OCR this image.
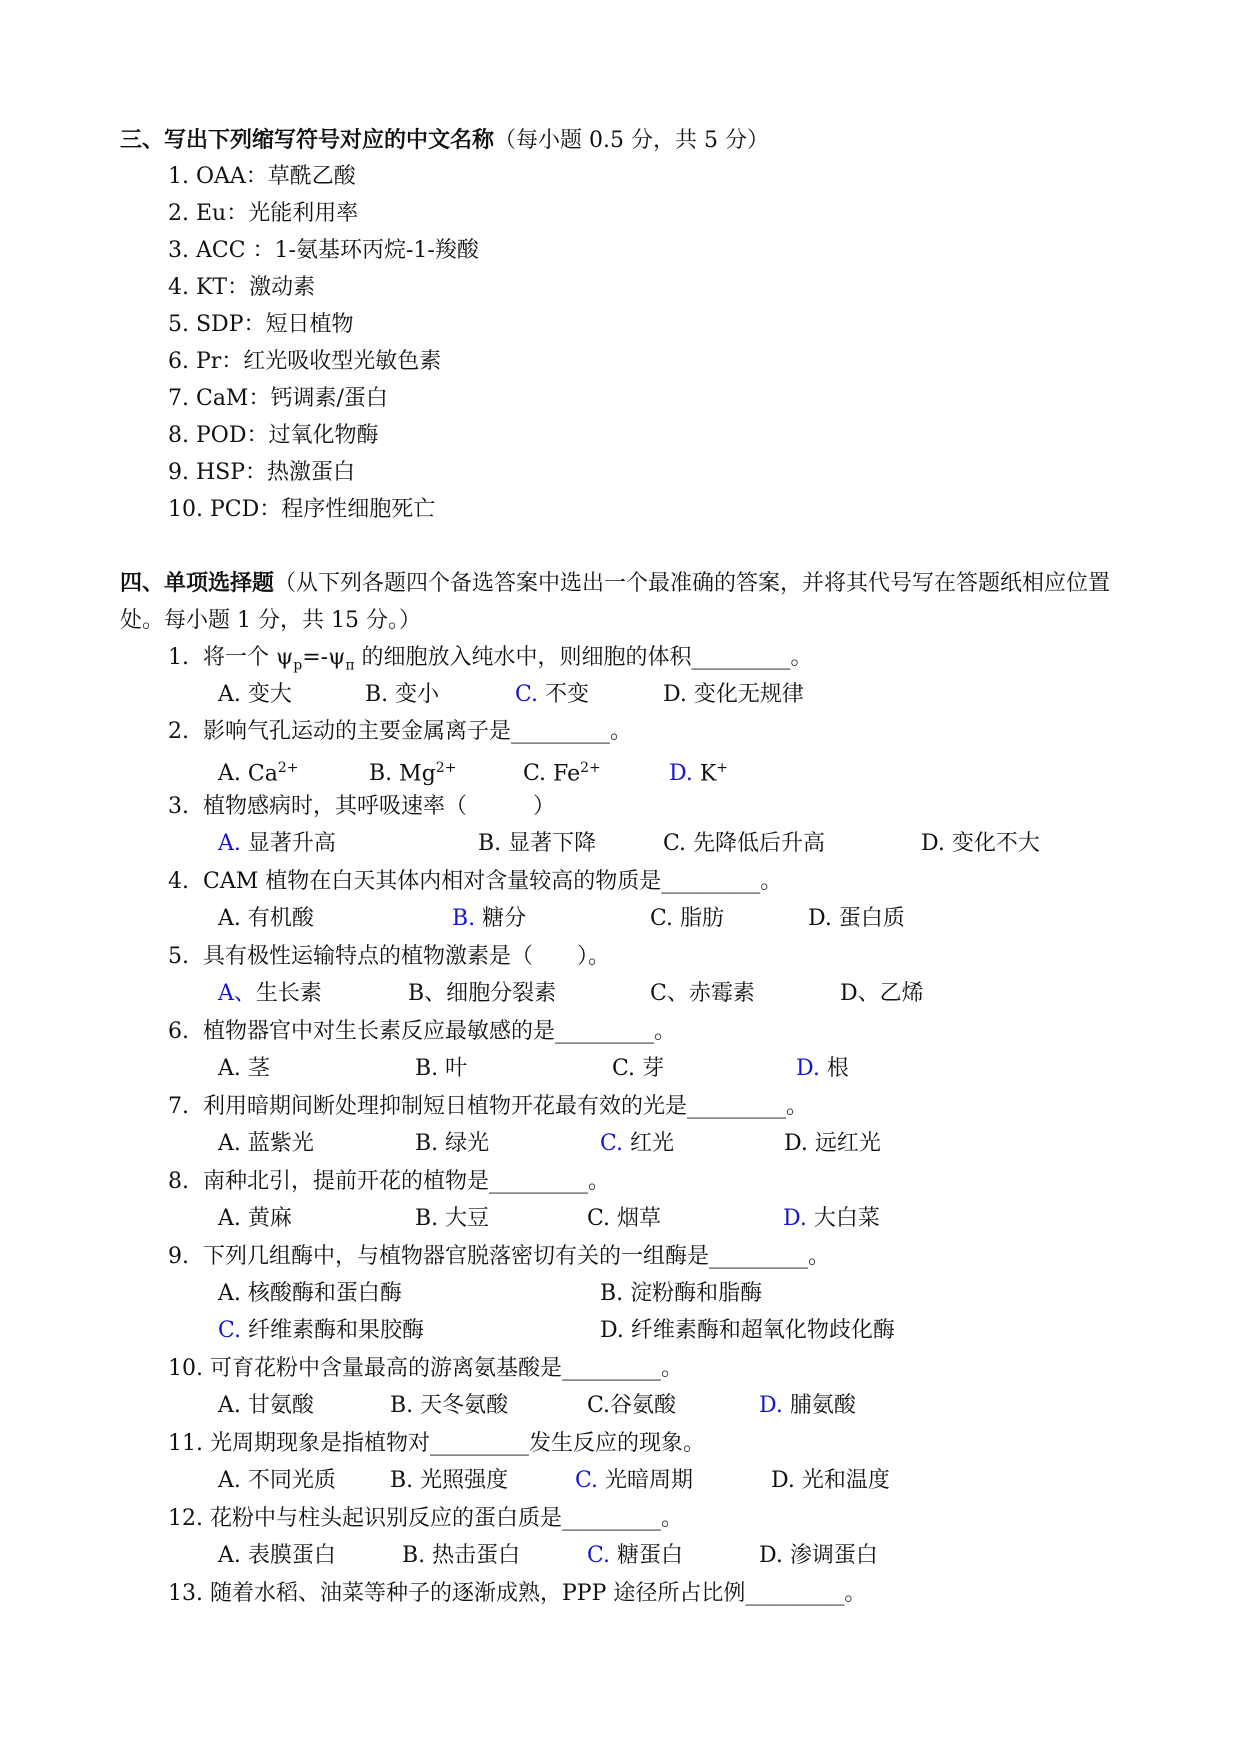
三、写出下列缩写符号对应的中文名称（每小题 0.5 分，共 5 分）
1. OAA：草酰乙酸
2. Eu：光能利用率
3. ACC ：1-氨基环丙烷-1-羧酸
4. KT：激动素
5. SDP：短日植物
6. Pr：红光吸收型光敏色素
7. CaM：钙调素/蛋白
8. POD：过氧化物酶
9. HSP：热激蛋白
10. PCD：程序性细胞死亡
四、单项选择题（从下列各题四个备选答案中选出一个最准确的答案，并将其代号写在答题纸相应位置处。每小题 1 分，共 15 分。）
1. 将一个 $\psi_p=-\psi_\pi$ 的细胞放入纯水中，则细胞的体积_________。
A. 变大	B. 变小	C. 不变	D. 变化无规律
2. 影响气孔运动的主要金属离子是_________。
A. $Ca^{2+}$	B. $Mg^{2+}$	C. $Fe^{2+}$	D. K+
3. 植物感病时，其呼吸速率（　　　）
A. 显著升高	B. 显著下降	C. 先降低后升高	D. 变化不大
4. CAM 植物在白天其体内相对含量较高的物质是_________。
A. 有机酸	B. 糖分	C. 脂肪	D. 蛋白质
5. 具有极性运输特点的植物激素是（　　）。
A、生长素	B、细胞分裂素	C、赤霉素	D、乙烯
6. 植物器官中对生长素反应最敏感的是_________。
A. 茎	B. 叶	C. 芽	D. 根
7. 利用暗期间断处理抑制短日植物开花最有效的光是_________。
A. 蓝紫光	B. 绿光	C. 红光	D. 远红光
8. 南种北引，提前开花的植物是_________。
A. 黄麻	B. 大豆	C. 烟草	D. 大白菜
9. 下列几组酶中，与植物器官脱落密切有关的一组酶是_________。
A. 核酸酶和蛋白酶	B. 淀粉酶和脂酶
C. 纤维素酶和果胶酶	D. 纤维素酶和超氧化物歧化酶
10. 可育花粉中含量最高的游离氨基酸是_________。
A. 甘氨酸	B. 天冬氨酸	C.谷氨酸	D. 脯氨酸
11. 光周期现象是指植物对_________发生反应的现象。
A. 不同光质 B. 光照强度	C. 光暗周期	D. 光和温度
12. 花粉中与柱头起识别反应的蛋白质是_________。
A. 表膜蛋白	B. 热击蛋白	C. 糖蛋白	D. 渗调蛋白
13. 随着水稻、油菜等种子的逐渐成熟，PPP 途径所占比例_________。
